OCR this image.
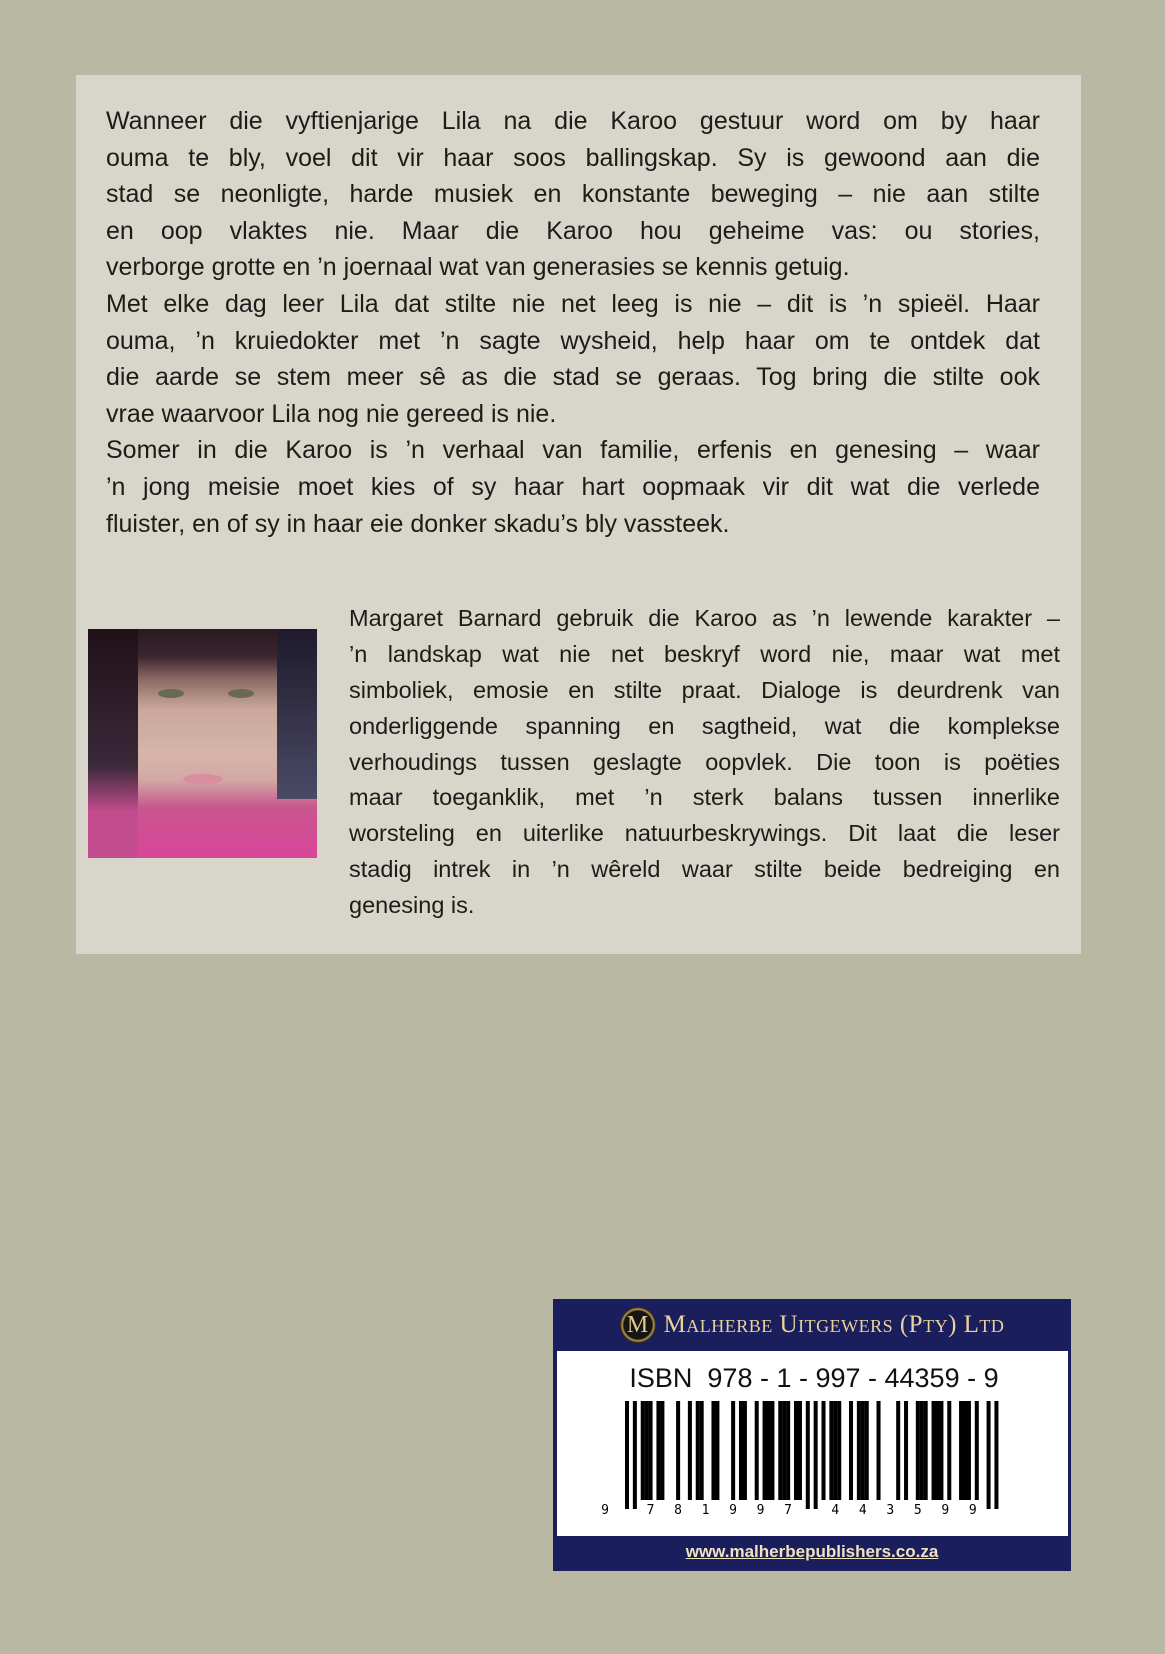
Wanneer die vyftienjarige Lila na die Karoo gestuur word om by haar
ouma te bly, voel dit vir haar soos ballingskap. Sy is gewoond aan die
stad se neonligte, harde musiek en konstante beweging – nie aan stilte
en oop vlaktes nie. Maar die Karoo hou geheime vas: ou stories,
verborge grotte en ’n joernaal wat van generasies se kennis getuig.
Met elke dag leer Lila dat stilte nie net leeg is nie – dit is ’n spieël. Haar
ouma, ’n kruiedokter met ’n sagte wysheid, help haar om te ontdek dat
die aarde se stem meer sê as die stad se geraas. Tog bring die stilte ook
vrae waarvoor Lila nog nie gereed is nie.
Somer in die Karoo is ’n verhaal van familie, erfenis en genesing – waar
’n jong meisie moet kies of sy haar hart oopmaak vir dit wat die verlede
fluister, en of sy in haar eie donker skadu’s bly vassteek.
Margaret Barnard gebruik die Karoo as ’n lewende karakter –
’n landskap wat nie net beskryf word nie, maar wat met
simboliek, emosie en stilte praat. Dialoge is deurdrenk van
onderliggende spanning en sagtheid, wat die komplekse
verhoudings tussen geslagte oopvlek. Die toon is poëties
maar toeganklik, met ’n sterk balans tussen innerlike
worsteling en uiterlike natuurbeskrywings. Dit laat die leser
stadig intrek in ’n wêreld waar stilte beide bedreiging en
genesing is.
M Malherbe Uitgewers (Pty) Ltd
ISBN  978 - 1 - 997 - 44359 - 9
9	7 8 1 9 9 7	4 4 3 5 9 9
www.malherbepublishers.co.za
